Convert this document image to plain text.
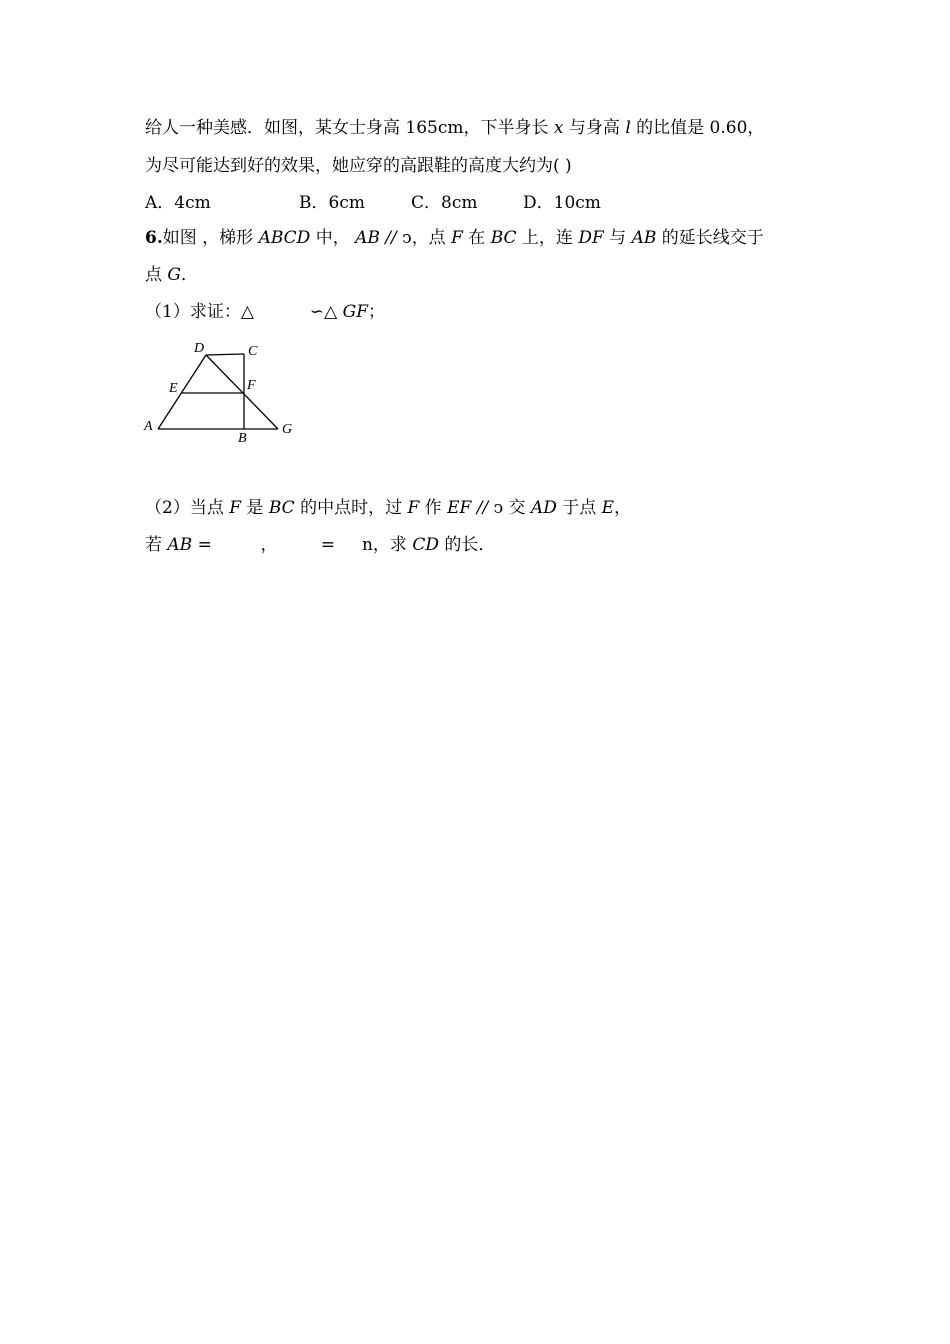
给人一种美感．如图，某女士身高 165cm，下半身长 x 与身高 l 的比值是 0.60，
为尽可能达到好的效果，她应穿的高跟鞋的高度大约为( )
A．4cm	B．6cm	C．8cm	D．10cm
6.如图 ，梯形 ABCD 中， AB // ↄ，点 F 在 BC 上，连 DF 与 AB 的延长线交于
点 G．
（1）求证：△	∽△ GF；
D	C
E	F
A
B
G
（2）当点 F 是 BC 的中点时，过 F 作 EF // ↄ 交 AD 于点 E，
若 AB =         ，        =     n，求 CD 的长．
